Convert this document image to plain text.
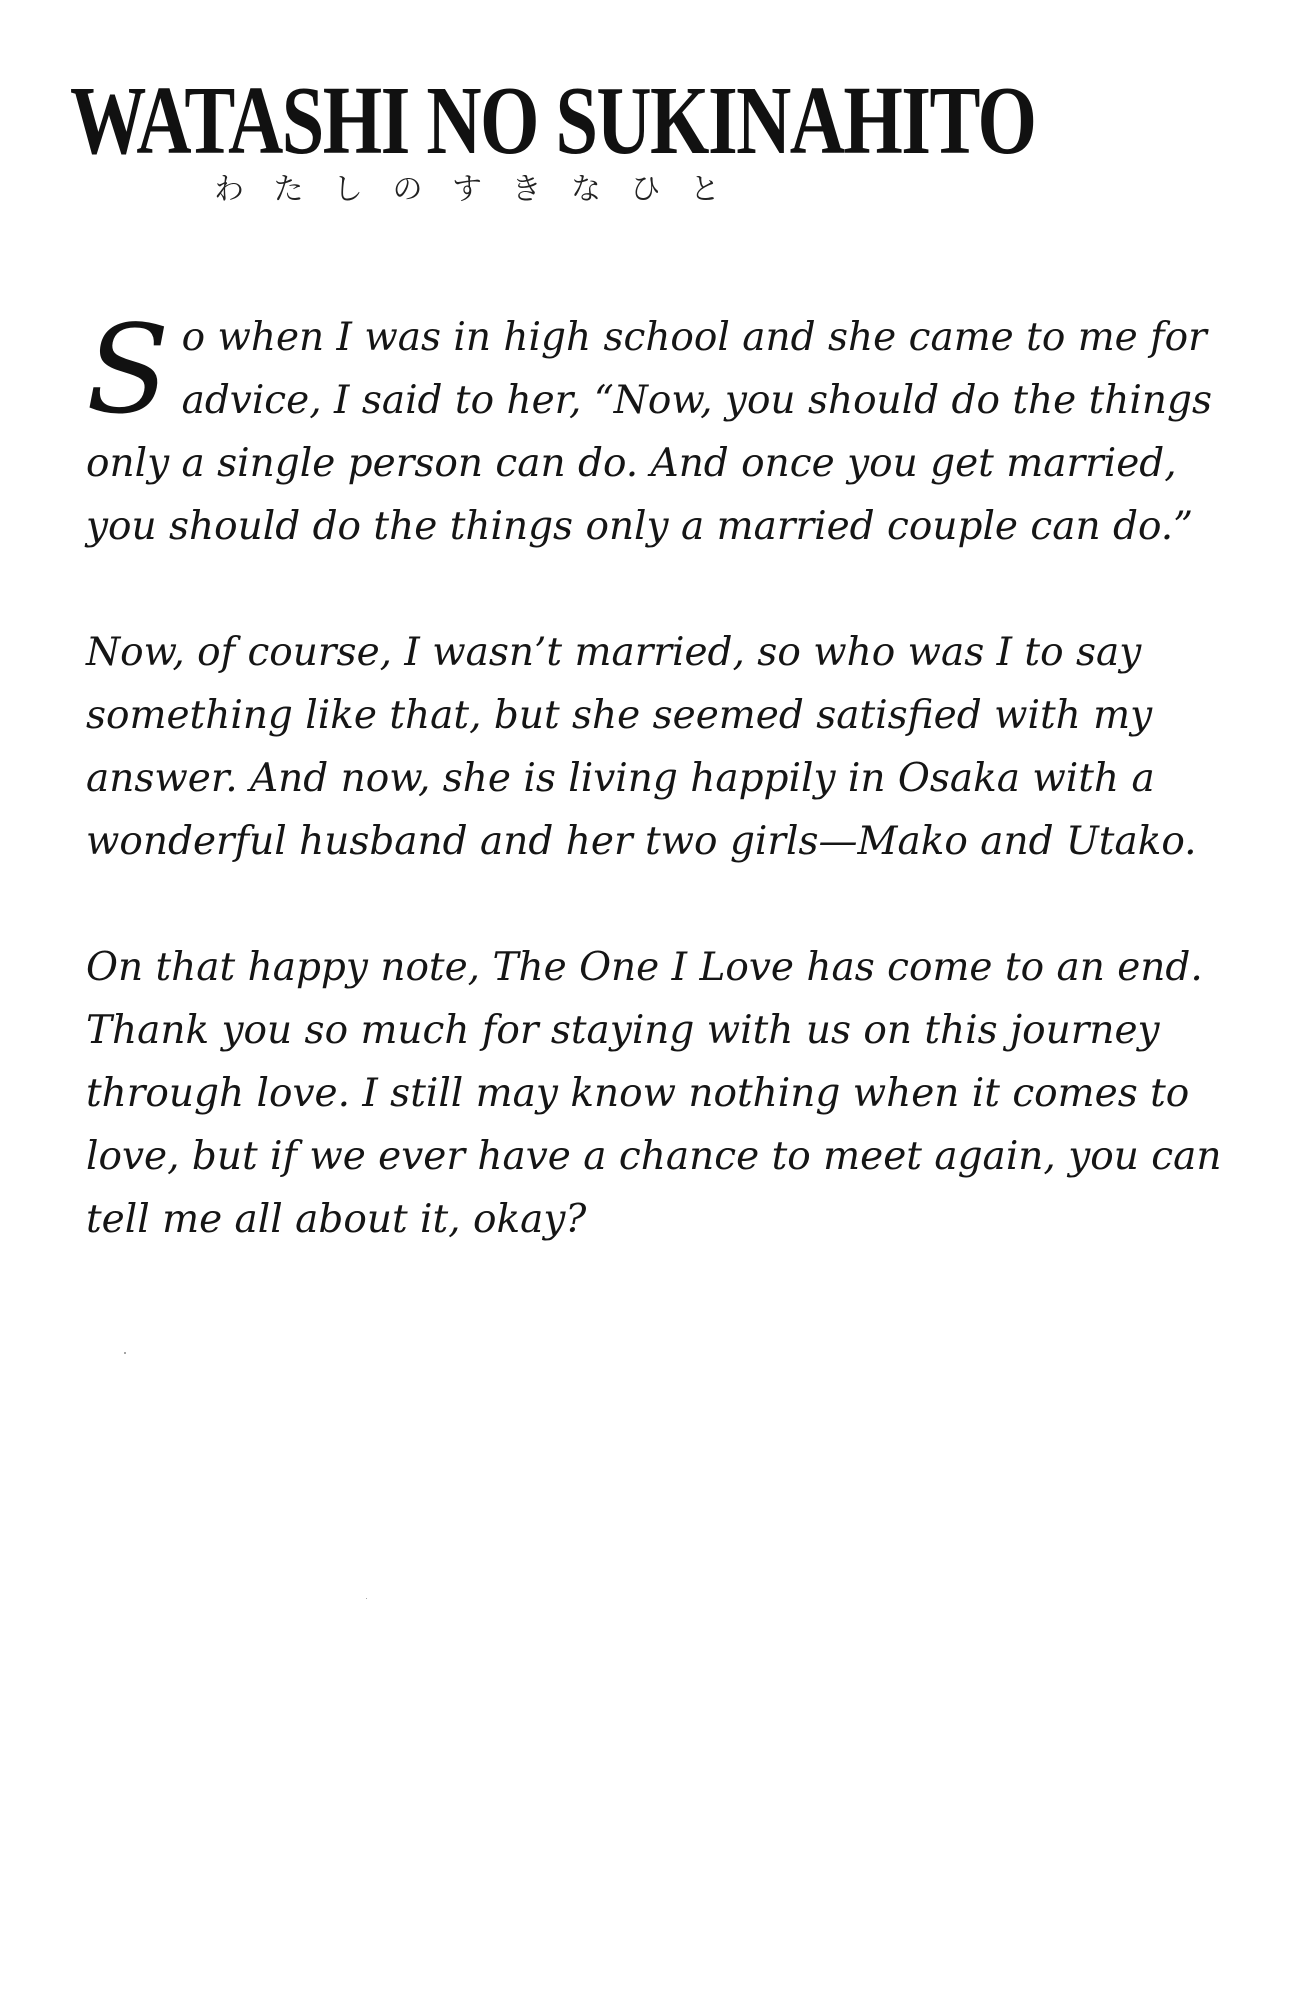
WATASHI NO SUKINAHITO
わ た し の す き な ひ と

S o when I was in high school and she came to me for
advice, I said to her, “Now, you should do the things
only a single person can do. And once you get married,
you should do the things only a married couple can do.”

Now, of course, I wasn’t married, so who was I to say
something like that, but she seemed satisfied with my
answer. And now, she is living happily in Osaka with a
wonderful husband and her two girls—Mako and Utako.

On that happy note, The One I Love has come to an end.
Thank you so much for staying with us on this journey
through love. I still may know nothing when it comes to
love, but if we ever have a chance to meet again, you can
tell me all about it, okay?
